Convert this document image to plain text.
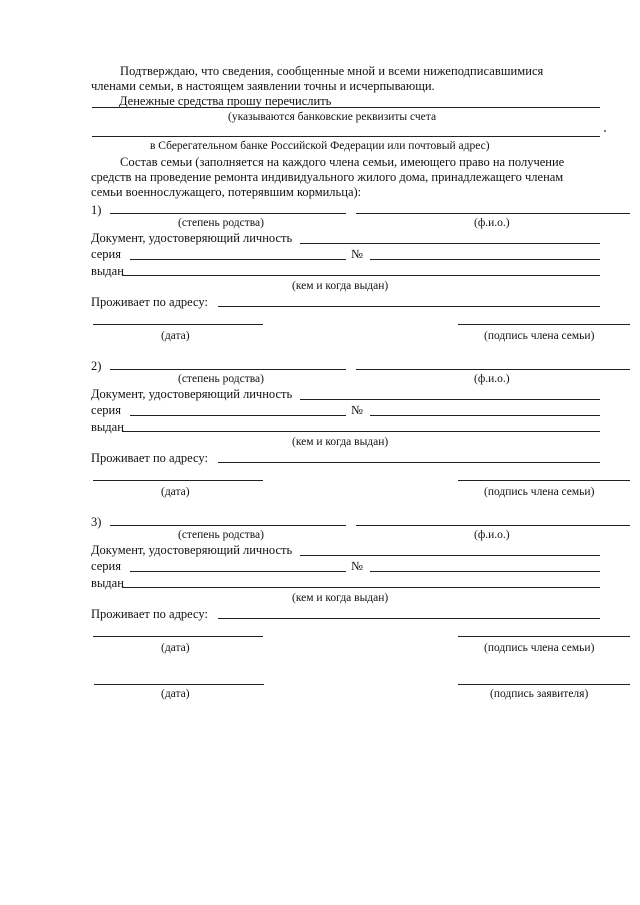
Подтверждаю, что сведения, сообщенные мной и всеми нижеподписавшимися
членами семьи, в настоящем заявлении точны и исчерпывающи.
Денежные средства прошу перечислить
(указываются банковские реквизиты счета
в Сберегательном банке Российской Федерации или почтовый адрес)
Состав семьи (заполняется на каждого члена семьи, имеющего право на получение
средств на проведение ремонта индивидуального жилого дома, принадлежащего членам
семьи военнослужащего, потерявшим кормильца):
1)
(степень родства)	(ф.и.о.)
Документ, удостоверяющий личность
серия	№
выдан
(кем и когда выдан)
Проживает по адресу:
(дата)	(подпись члена семьи)
2)
(степень родства)	(ф.и.о.)
Документ, удостоверяющий личность
серия	№
выдан
(кем и когда выдан)
Проживает по адресу:
(дата)	(подпись члена семьи)
3)
(степень родства)	(ф.и.о.)
Документ, удостоверяющий личность
серия	№
выдан
(кем и когда выдан)
Проживает по адресу:
(дата)	(подпись члена семьи)
(дата)	(подпись заявителя)
